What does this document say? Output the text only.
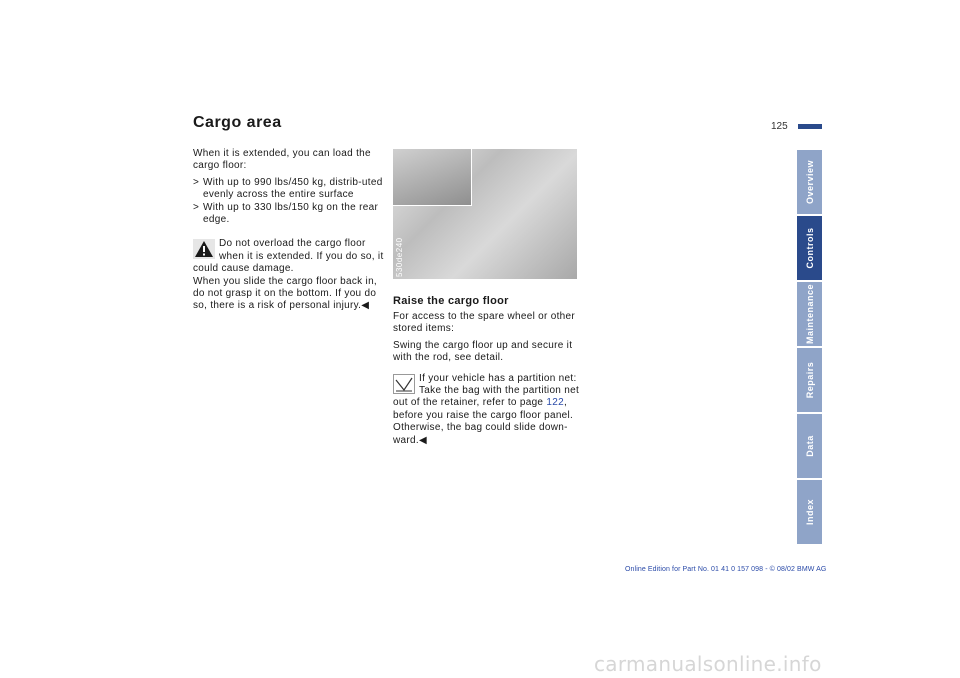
Cargo area	125

When it is extended, you can load the cargo floor:

> With up to 990 lbs/450 kg, distrib-uted evenly across the entire surface
> With up to 330 lbs/150 kg on the rear edge.
Do not overload the cargo floor when it is extended. If you do so, it could cause damage.

When you slide the cargo floor back in, do not grasp it on the bottom. If you do so, there is a risk of personal injury.◀

530de240
Raise the cargo floor

For access to the spare wheel or other stored items:

Swing the cargo floor up and secure it with the rod, see detail.

If your vehicle has a partition net: Take the bag with the partition net out of the retainer, refer to page 122, before you raise the cargo floor panel. Otherwise, the bag could slide down-ward.◀
Overview
Controls
Maintenance
Repairs
Data
Index
Online Edition for Part No. 01 41 0 157 098 - © 08/02 BMW AG
carmanualsonline.info
